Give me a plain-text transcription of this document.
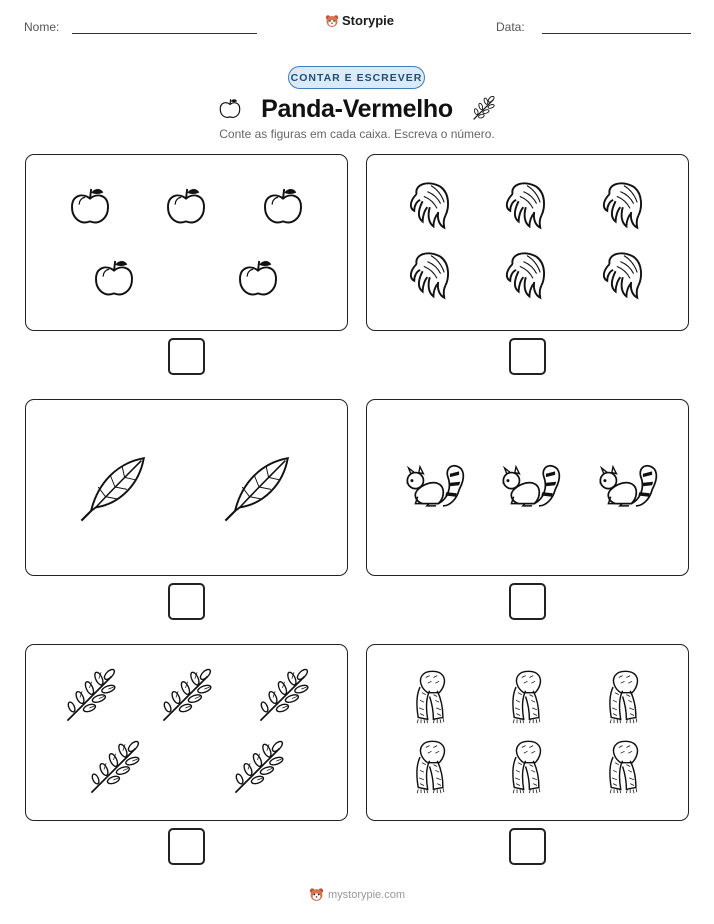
Nome:	Storypie	Data:
CONTAR E ESCREVER
Panda-Vermelho
Conte as figuras em cada caixa. Escreva o número.
mystorypie.com
